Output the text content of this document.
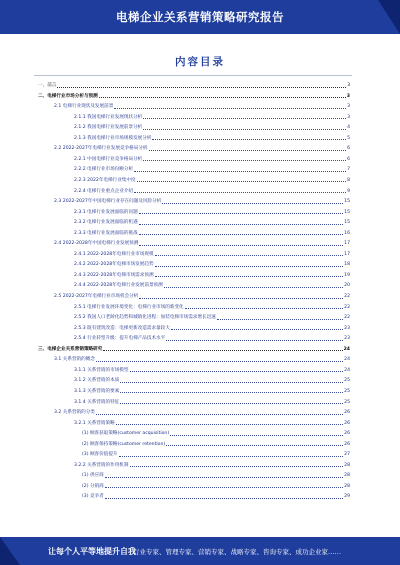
电梯企业关系营销策略研究报告
内容目录
一、前言	3
二、电梯行业市场分析与预测	3
2.1 电梯行业现状及发展前景	3
2.1.1 我国电梯行业发展现状分析	3
2.1.2 我国电梯行业发展前景分析	4
2.1.3 我国电梯行业市场规模发展分析	5
2.2 2022-2027年电梯行业发展竞争格局分析	6
2.2.1 中国电梯行业竞争格局分析	6
2.2.2 电梯行业市场份额分析	7
2.2.3 2022年电梯行业集中度	8
2.2.4 电梯行业重点企业介绍	9
2.3 2022-2027年中国电梯行业存在问题及风险分析	15
2.3.1 电梯行业发展面临的问题	15
2.3.2 电梯行业发展面临的机遇	15
2.3.3 电梯行业发展面临的挑战	16
2.4 2022-2028年中国电梯行业发展预测	17
2.4.1 2022-2028年电梯行业市场规模	17
2.4.2 2022-2028年电梯市场发展趋势	18
2.4.3 2022-2028年电梯市场需求预测	19
2.4.4 2022-2028年电梯行业发展前景预测	20
2.5 2022-2027年电梯行业市场机会分析	22
2.5.1 电梯行业发展环境变化：电梯行业市场的新变化	22
2.5.2 我国人口老龄化趋势和城镇化进程：加装电梯市场需求增长迅速	22
2.5.3 既有建筑改造：电梯更新改造需求量较大	23
2.5.4 行业转型升级：提升电梯产品技术水平	23
三、电梯企业关系营销策略研究	24
3.1 关系营销的概念	24
3.1.1 关系营销的市场模型	24
3.1.2 关系营销的本质	25
3.1.3 关系营销的要素	25
3.1.4 关系营销的特征	25
3.2 关系营销的分类	26
3.2.1 关系营销策略	26
(1) 顾客获取策略(customer acquisition)	26
(2) 顾客保持策略(customer retention)	26
(3) 顾客价值提升	27
3.2.2 关系营销的作用机制	28
(1) 供应商	28
(2) 分销商	28
(3) 竞争者	29
让每个人平等地提升自我
行业专家、管理专家、营销专家、战略专家、咨询专家、成功企业家……
